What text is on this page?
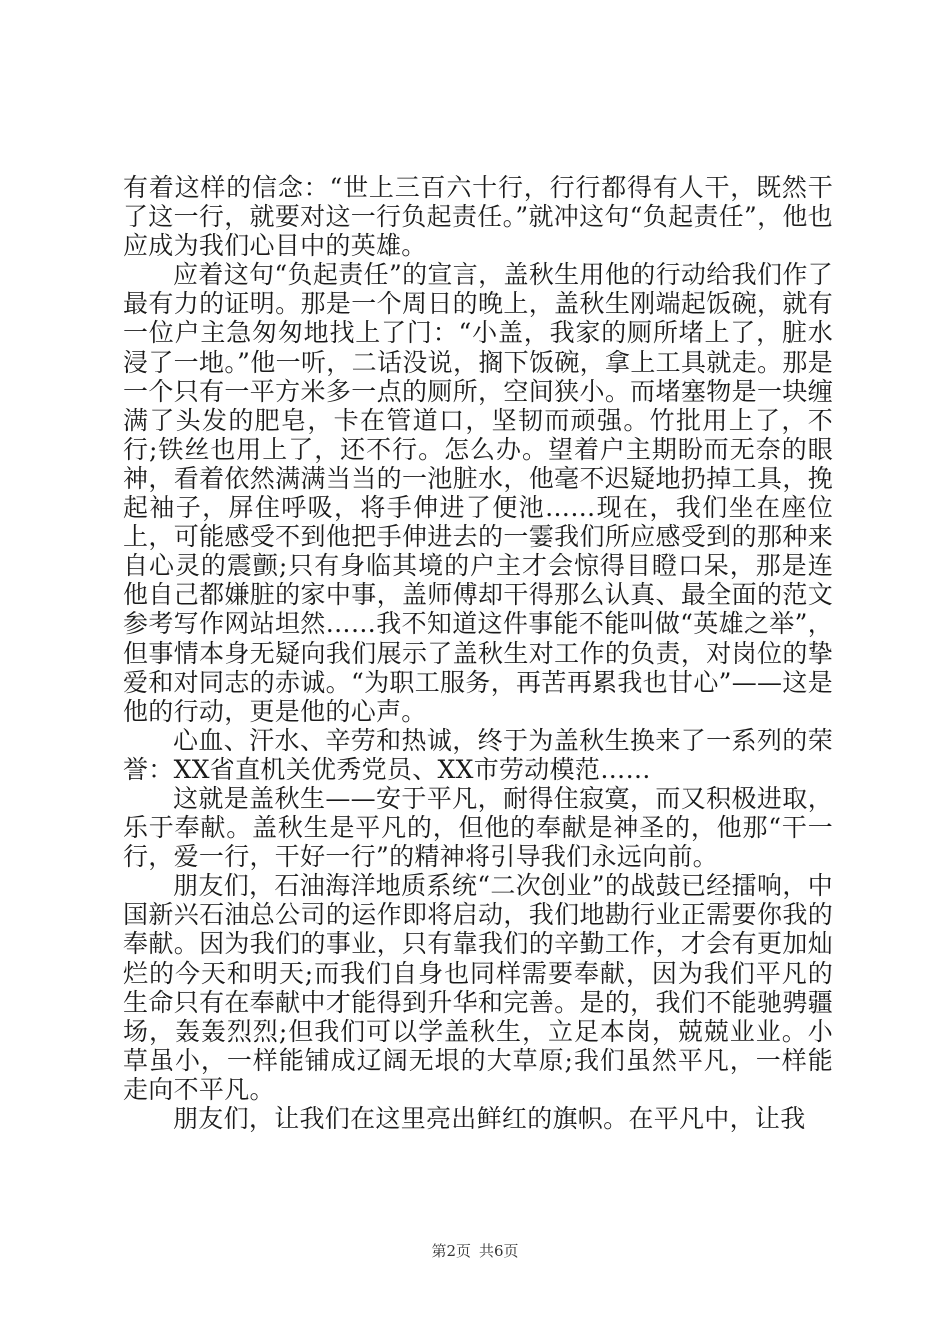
有着这样的信念：“世上三百六十行，行行都得有人干，既然干了这一行，就要对这一行负起责任。”就冲这句“负起责任”，他也应成为我们心目中的英雄。

应着这句“负起责任”的宣言，盖秋生用他的行动给我们作了最有力的证明。那是一个周日的晚上，盖秋生刚端起饭碗，就有一位户主急匆匆地找上了门：“小盖，我家的厕所堵上了，脏水浸了一地。”他一听，二话没说，搁下饭碗，拿上工具就走。那是一个只有一平方米多一点的厕所，空间狭小。而堵塞物是一块缠满了头发的肥皂，卡在管道口，坚韧而顽强。竹批用上了，不行;铁丝也用上了，还不行。怎么办。望着户主期盼而无奈的眼神，看着依然满满当当的一池脏水，他毫不迟疑地扔掉工具，挽起袖子，屏住呼吸，将手伸进了便池……现在，我们坐在座位上，可能感受不到他把手伸进去的一霎我们所应感受到的那种来自心灵的震颤;只有身临其境的户主才会惊得目瞪口呆，那是连他自己都嫌脏的家中事，盖师傅却干得那么认真、最全面的范文参考写作网站坦然……我不知道这件事能不能叫做“英雄之举”，但事情本身无疑向我们展示了盖秋生对工作的负责，对岗位的挚爱和对同志的赤诚。“为职工服务，再苦再累我也甘心”——这是他的行动，更是他的心声。

心血、汗水、辛劳和热诚，终于为盖秋生换来了一系列的荣誉：XX省直机关优秀党员、XX市劳动模范……

这就是盖秋生——安于平凡，耐得住寂寞，而又积极进取，乐于奉献。盖秋生是平凡的，但他的奉献是神圣的，他那“干一行，爱一行，干好一行”的精神将引导我们永远向前。

朋友们，石油海洋地质系统“二次创业”的战鼓已经擂响，中国新兴石油总公司的运作即将启动，我们地勘行业正需要你我的奉献。因为我们的事业，只有靠我们的辛勤工作，才会有更加灿烂的今天和明天;而我们自身也同样需要奉献，因为我们平凡的生命只有在奉献中才能得到升华和完善。是的，我们不能驰骋疆场，轰轰烈烈;但我们可以学盖秋生，立足本岗，兢兢业业。小草虽小，一样能铺成辽阔无垠的大草原;我们虽然平凡，一样能走向不平凡。

朋友们，让我们在这里亮出鲜红的旗帜。在平凡中，让我

第2页 共6页
